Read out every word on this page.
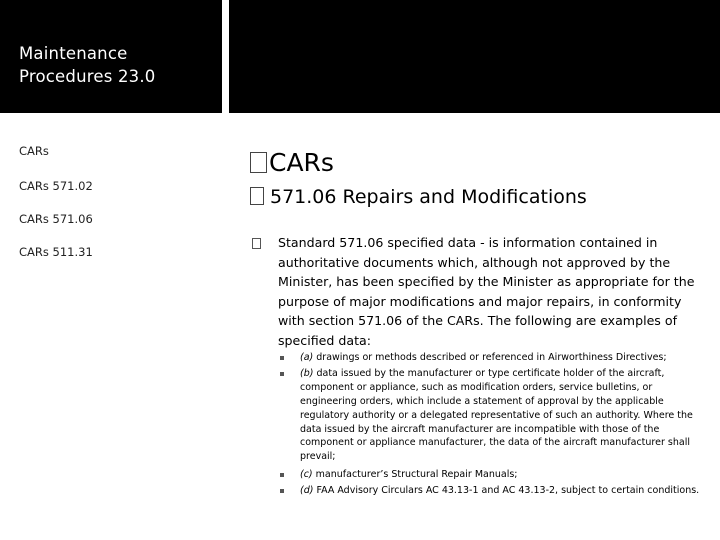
Maintenance Procedures 23.0
CARs
CARs 571.02
CARs 571.06
CARs 511.31
CARs
571.06 Repairs and Modifications
Standard 571.06 specified data - is information contained in authoritative documents which, although not approved by the Minister, has been specified by the Minister as appropriate for the purpose of major modifications and major repairs, in conformity with section 571.06 of the CARs. The following are examples of specified data:
(a) drawings or methods described or referenced in Airworthiness Directives;
(b) data issued by the manufacturer or type certificate holder of the aircraft, component or appliance, such as modification orders, service bulletins, or engineering orders, which include a statement of approval by the applicable regulatory authority or a delegated representative of such an authority. Where the data issued by the aircraft manufacturer are incompatible with those of the component or appliance manufacturer, the data of the aircraft manufacturer shall prevail;
(c) manufacturer’s Structural Repair Manuals;
(d) FAA Advisory Circulars AC 43.13-1 and AC 43.13-2, subject to certain conditions.
